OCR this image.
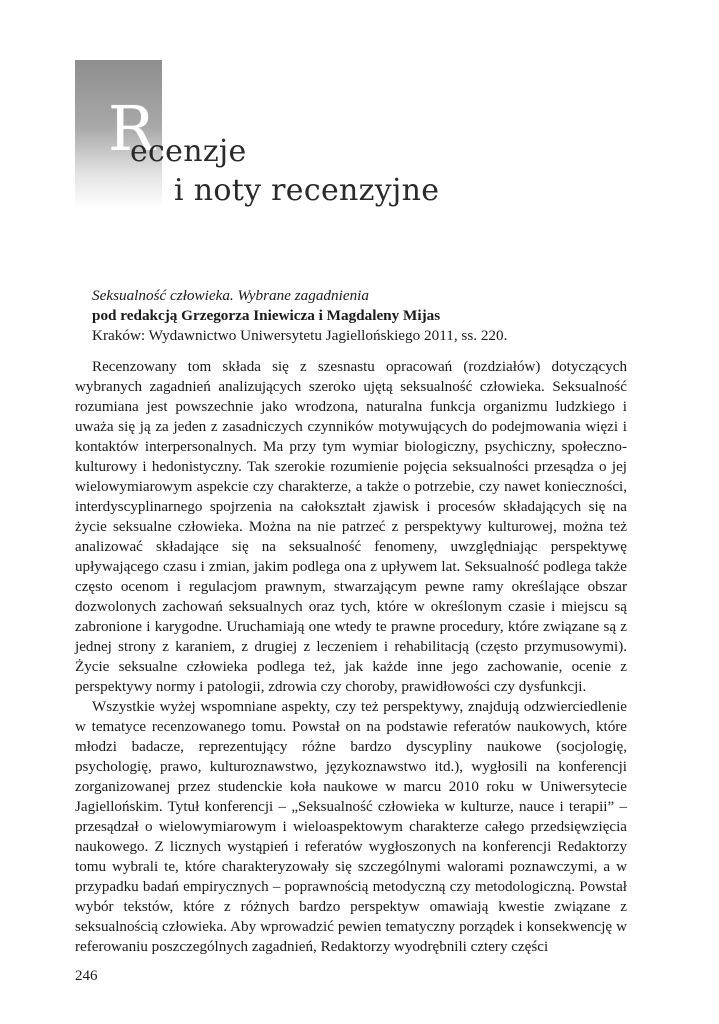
R
ecenzje
i noty recenzyjne
Seksualność człowieka. Wybrane zagadnienia
pod redakcją Grzegorza Iniewicza i Magdaleny Mijas
Kraków: Wydawnictwo Uniwersytetu Jagiellońskiego 2011, ss. 220.

Recenzowany tom składa się z szesnastu opracowań (rozdziałów) dotyczących wybranych zagadnień analizujących szeroko ujętą seksualność człowieka. Seksualność rozumiana jest powszechnie jako wrodzona, naturalna funkcja organizmu ludzkiego i uważa się ją za jeden z zasadniczych czynników motywujących do podejmowania więzi i kontaktów interpersonalnych. Ma przy tym wymiar biologiczny, psychiczny, społeczno-kulturowy i hedonistyczny. Tak szerokie rozumienie pojęcia seksualności przesądza o jej wielowymiarowym aspekcie czy charakterze, a także o potrzebie, czy nawet konieczności, interdyscyplinarnego spojrzenia na całokształt zjawisk i procesów składających się na życie seksualne człowieka. Można na nie patrzeć z perspektywy kulturowej, można też analizować składające się na seksualność fenomeny, uwzględniając perspektywę upływającego czasu i zmian, jakim podlega ona z upływem lat. Seksualność podlega także często ocenom i regulacjom prawnym, stwarzającym pewne ramy określające obszar dozwolonych zachowań seksualnych oraz tych, które w określonym czasie i miejscu są zabronione i karygodne. Uruchamiają one wtedy te prawne procedury, które związane są z jednej strony z karaniem, z drugiej z leczeniem i rehabilitacją (często przymusowymi). Życie seksualne człowieka podlega też, jak każde inne jego zachowanie, ocenie z perspektywy normy i patologii, zdrowia czy choroby, prawidłowości czy dysfunkcji.

Wszystkie wyżej wspomniane aspekty, czy też perspektywy, znajdują odzwierciedlenie w tematyce recenzowanego tomu. Powstał on na podstawie referatów naukowych, które młodzi badacze, reprezentujący różne bardzo dyscypliny naukowe (socjologię, psychologię, prawo, kulturoznawstwo, językoznawstwo itd.), wygłosili na konferencji zorganizowanej przez studenckie koła naukowe w marcu 2010 roku w Uniwersytecie Jagiellońskim. Tytuł konferencji – „Seksualność człowieka w kulturze, nauce i terapii” – przesądzał o wielowymiarowym i wieloaspektowym charakterze całego przedsięwzięcia naukowego. Z licznych wystąpień i referatów wygłoszonych na konferencji Redaktorzy tomu wybrali te, które charakteryzowały się szczególnymi walorami poznawczymi, a w przypadku badań empirycznych – poprawnością metodyczną czy metodologiczną. Powstał wybór tekstów, które z różnych bardzo perspektyw omawiają kwestie związane z seksualnością człowieka. Aby wprowadzić pewien tematyczny porządek i konsekwencję w referowaniu poszczególnych zagadnień, Redaktorzy wyodrębnili cztery części

246
